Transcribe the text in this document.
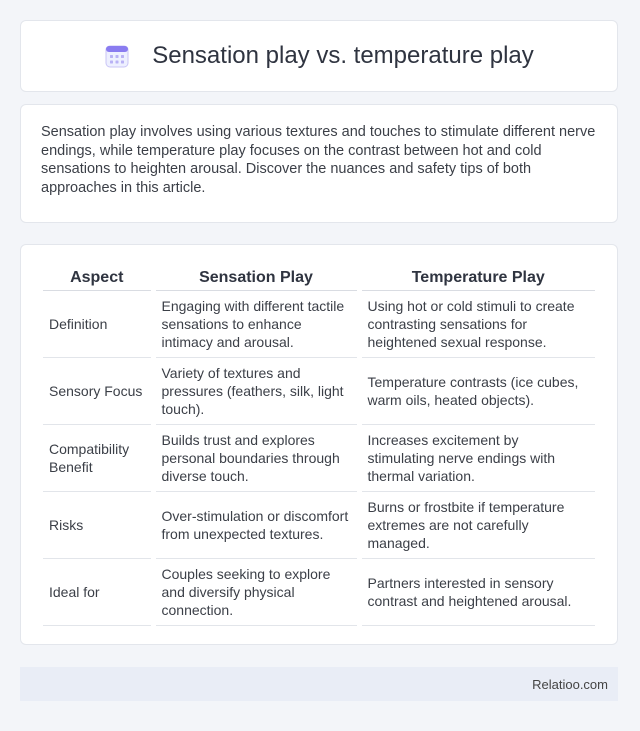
Sensation play vs. temperature play

Sensation play involves using various textures and touches to stimulate different nerve endings, while temperature play focuses on the contrast between hot and cold sensations to heighten arousal. Discover the nuances and safety tips of both approaches in this article.

Aspect	Sensation Play	Temperature Play
Definition	Engaging with different tactile sensations to enhance intimacy and arousal.	Using hot or cold stimuli to create contrasting sensations for heightened sexual response.
Sensory Focus	Variety of textures and pressures (feathers, silk, light touch).	Temperature contrasts (ice cubes, warm oils, heated objects).
Compatibility Benefit	Builds trust and explores personal boundaries through diverse touch.	Increases excitement by stimulating nerve endings with thermal variation.
Risks	Over-stimulation or discomfort from unexpected textures.	Burns or frostbite if temperature extremes are not carefully managed.
Ideal for	Couples seeking to explore and diversify physical connection.	Partners interested in sensory contrast and heightened arousal.
Relatioo.com
